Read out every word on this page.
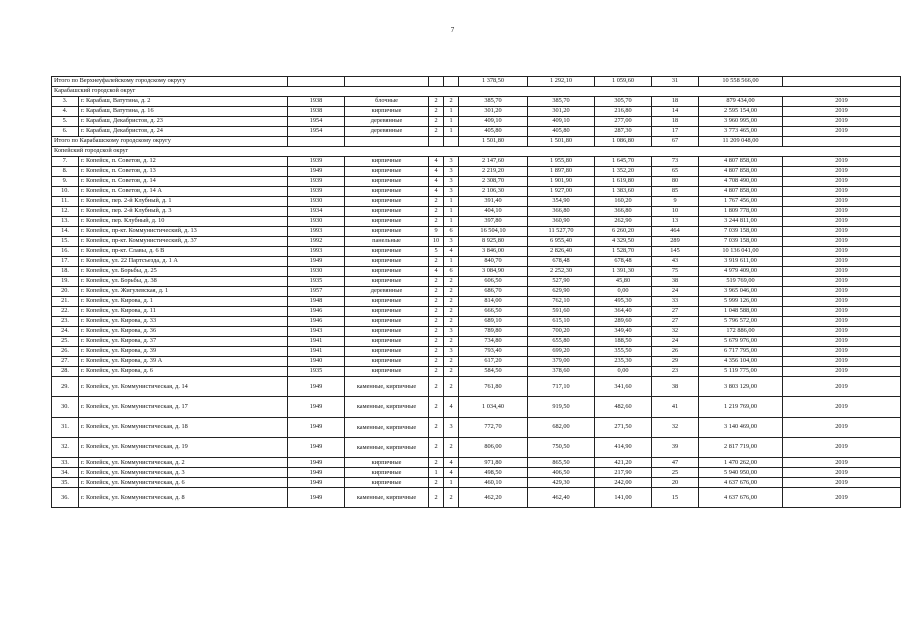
7
Итого по Верхнеуфалейскому городскому округу						1 378,50	1 292,10	1 059,60	31	10 558 566,00	
Карабашский городской округ											
3.	г. Карабаш, Ватутина, д. 2	1938	блочные	2	2	385,70	385,70	305,70	18	879 434,00	2019
4.	г. Карабаш, Ватутина, д. 16	1938	кирпичные	2	1	301,20	301,20	216,80	14	2 595 154,00	2019
5.	г. Карабаш, Декабристов, д. 23	1954	деревянные	2	1	409,10	409,10	277,00	18	3 960 995,00	2019
6.	г. Карабаш, Декабристов, д. 24	1954	деревянные	2	1	405,80	405,80	287,30	17	3 773 465,00	2019
Итого по Карабашскому городскому округу						1 501,80	1 501,80	1 086,80	67	11 209 048,00	
Копейский городской округ											
7.	г. Копейск, п. Советов, д. 12	1939	кирпичные	4	3	2 147,60	1 955,80	1 645,70	73	4 807 858,00	2019
8.	г. Копейск, п. Советов, д. 13	1949	кирпичные	4	3	2 219,20	1 897,80	1 352,20	65	4 807 858,00	2019
9.	г. Копейск, п. Советов, д. 14	1939	кирпичные	4	3	2 308,70	1 901,90	1 619,80	80	4 708 490,00	2019
10.	г. Копейск, п. Советов, д. 14 А	1939	кирпичные	4	3	2 106,30	1 927,00	1 383,60	85	4 807 858,00	2019
11.	г. Копейск, пер. 2-й Клубный, д. 1	1930	кирпичные	2	1	391,40	354,90	160,20	9	1 767 456,00	2019
12.	г. Копейск, пер. 2-й Клубный, д. 3	1934	кирпичные	2	1	404,10	366,80	366,80	10	1 809 778,00	2019
13.	г. Копейск, пер. Клубный, д. 10	1930	кирпичные	2	1	397,80	360,90	262,90	13	3 244 811,00	2019
14.	г. Копейск, пр-кт. Коммунистический, д. 13	1993	кирпичные	9	6	16 504,10	11 527,70	6 260,20	464	7 039 158,00	2019
15.	г. Копейск, пр-кт. Коммунистический, д. 37	1992	панельные	10	3	8 925,80	6 955,40	4 329,50	289	7 039 158,00	2019
16.	г. Копейск, пр-кт. Славы, д. 6 В	1993	кирпичные	5	4	3 846,00	2 826,40	1 528,70	145	10 136 041,00	2019
17.	г. Копейск, ул. 22 Партсъезда, д. 1 А	1949	кирпичные	2	1	840,70	678,48	678,48	43	3 919 611,00	2019
18.	г. Копейск, ул. Борьбы, д. 25	1930	кирпичные	4	6	3 084,90	2 252,30	1 391,30	75	4 979 409,00	2019
19.	г. Копейск, ул. Борьбы, д. 38	1935	кирпичные	2	2	606,50	527,90	45,80	38	519 769,00	2019
20.	г. Копейск, ул. Жигулевская, д. 1	1957	деревянные	2	2	686,70	629,90	0,00	24	3 965 046,00	2019
21.	г. Копейск, ул. Кирова, д. 1	1948	кирпичные	2	2	814,00	762,10	495,30	33	5 999 126,00	2019
22.	г. Копейск, ул. Кирова, д. 11	1946	кирпичные	2	2	666,50	591,60	364,40	27	1 048 588,00	2019
23.	г. Копейск, ул. Кирова, д. 33	1946	кирпичные	2	2	689,10	615,10	289,60	27	5 796 572,00	2019
24.	г. Копейск, ул. Кирова, д. 36	1943	кирпичные	2	3	789,80	700,20	349,40	32	172 886,00	2019
25.	г. Копейск, ул. Кирова, д. 37	1941	кирпичные	2	2	734,80	655,80	188,50	24	5 679 976,00	2019
26.	г. Копейск, ул. Кирова, д. 39	1941	кирпичные	2	3	793,40	699,20	355,50	26	6 717 795,00	2019
27.	г. Копейск, ул. Кирова, д. 39 А	1940	кирпичные	2	2	617,20	379,00	235,30	29	4 356 104,00	2019
28.	г. Копейск, ул. Кирова, д. 6	1935	кирпичные	2	2	584,50	378,60	0,00	23	5 119 775,00	2019
29.	г. Копейск, ул. Коммунистическая, д. 14	1949	каменные, кирпичные	2	2	761,80	717,10	341,60	38	3 803 129,00	2019
30.	г. Копейск, ул. Коммунистическая, д. 17	1949	каменные, кирпичные	2	4	1 034,40	919,50	482,60	41	1 219 769,00	2019
31.	г. Копейск, ул. Коммунистическая, д. 18	1949	каменные, кирпичные	2	3	772,70	682,00	271,50	32	3 140 469,00	2019
32.	г. Копейск, ул. Коммунистическая, д. 19	1949	каменные, кирпичные	2	2	806,00	750,50	414,90	39	2 817 719,00	2019
33.	г. Копейск, ул. Коммунистическая, д. 2	1949	кирпичные	2	4	971,80	865,50	421,20	47	1 470 262,00	2019
34.	г. Копейск, ул. Коммунистическая, д. 3	1949	кирпичные	1	4	498,50	406,50	217,90	25	5 940 950,00	2019
35.	г. Копейск, ул. Коммунистическая, д. 6	1949	кирпичные	2	1	460,10	429,30	242,00	20	4 637 676,00	2019
36.	г. Копейск, ул. Коммунистическая, д. 8	1949	каменные, кирпичные	2	2	462,20	462,40	141,00	15	4 637 676,00	2019
